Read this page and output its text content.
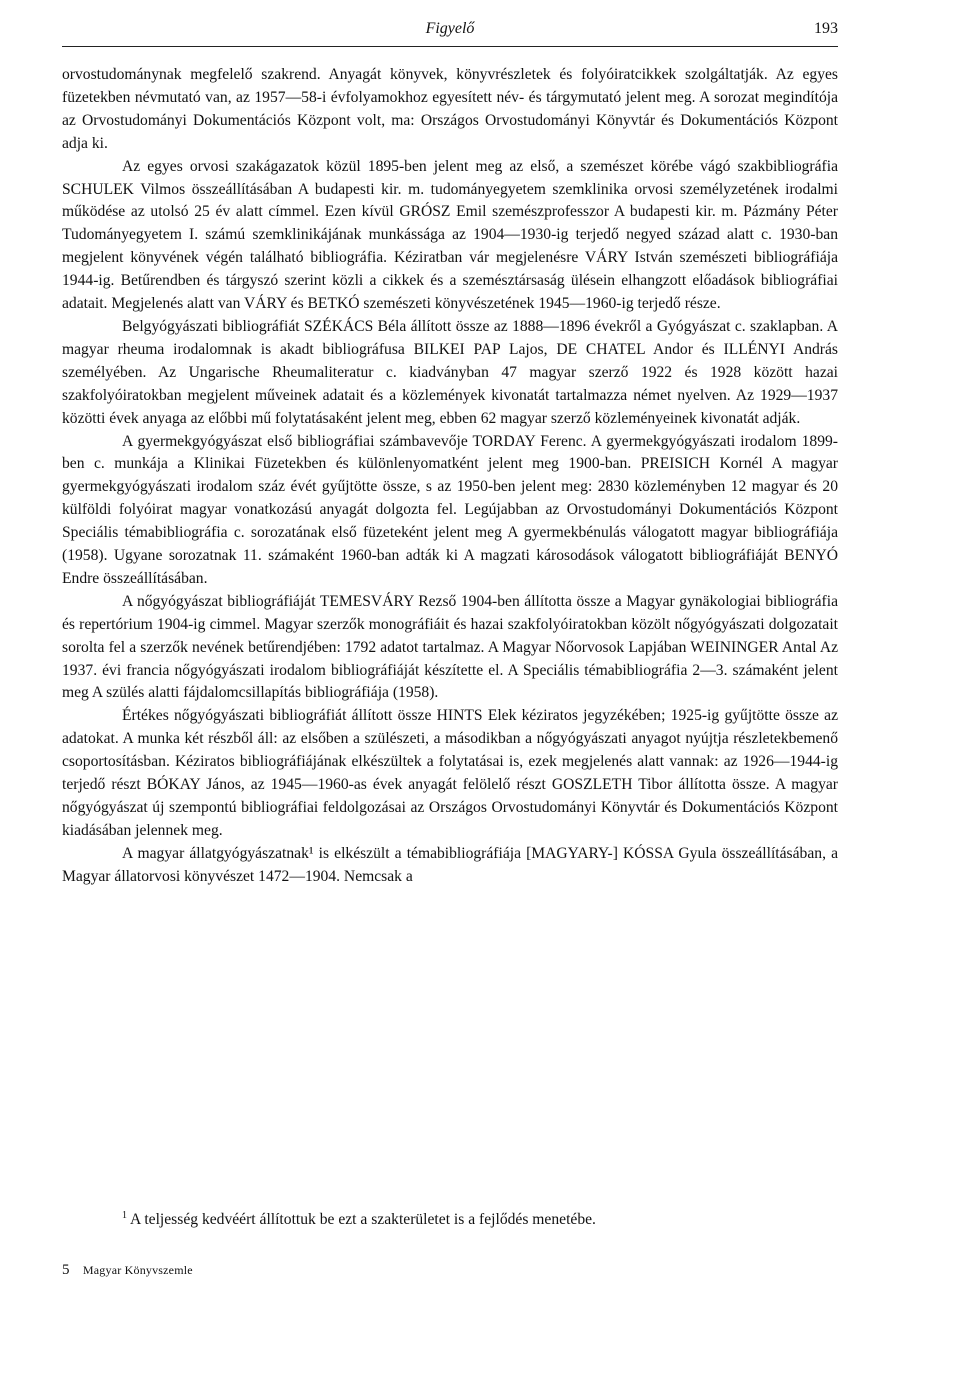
Figyelő	193

orvostudománynak megfelelő szakrend. Anyagát könyvek, könyvrészletek és folyóiratcikkek szolgáltatják. Az egyes füzetekben névmutató van, az 1957—58-i évfolyamokhoz egyesített név- és tárgymutató jelent meg. A sorozat megindítója az Orvostudományi Dokumentációs Központ volt, ma: Országos Orvostudományi Könyvtár és Dokumentációs Központ adja ki.

Az egyes orvosi szakágazatok közül 1895-ben jelent meg az első, a szemészet körébe vágó szakbibliográfia SCHULEK Vilmos összeállításában A budapesti kir. m. tudományegyetem szemklinika orvosi személyzetének irodalmi működése az utolsó 25 év alatt címmel. Ezen kívül GRÓSZ Emil szemészprofesszor A budapesti kir. m. Pázmány Péter Tudományegyetem I. számú szemklinikájának munkássága az 1904—1930-ig terjedő negyed század alatt c. 1930-ban megjelent könyvének végén található bibliográfia. Kéziratban vár megjelenésre VÁRY István szemészeti bibliográfiája 1944-ig. Betűrendben és tárgyszó szerint közli a cikkek és a szemésztársaság ülésein elhangzott előadások bibliográfiai adatait. Megjelenés alatt van VÁRY és BETKÓ szemészeti könyvészetének 1945—1960-ig terjedő része.

Belgyógyászati bibliográfiát SZÉKÁCS Béla állított össze az 1888—1896 évekről a Gyógyászat c. szaklapban. A magyar rheuma irodalomnak is akadt bibliográfusa BILKEI PAP Lajos, DE CHATEL Andor és ILLÉNYI András személyében. Az Ungarische Rheumaliteratur c. kiadványban 47 magyar szerző 1922 és 1928 között hazai szakfolyóiratokban megjelent műveinek adatait és a közlemények kivonatát tartalmazza német nyelven. Az 1929—1937 közötti évek anyaga az előbbi mű folytatásaként jelent meg, ebben 62 magyar szerző közleményeinek kivonatát adják.

A gyermekgyógyászat első bibliográfiai számbavevője TORDAY Ferenc. A gyermekgyógyászati irodalom 1899-ben c. munkája a Klinikai Füzetekben és különlenyomatként jelent meg 1900-ban. PREISICH Kornél A magyar gyermekgyógyászati irodalom száz évét gyűjtötte össze, s az 1950-ben jelent meg: 2830 közleményben 12 magyar és 20 külföldi folyóirat magyar vonatkozású anyagát dolgozta fel. Legújabban az Orvostudományi Dokumentációs Központ Speciális témabibliográfia c. sorozatának első füzeteként jelent meg A gyermekbénulás válogatott magyar bibliográfiája (1958). Ugyane sorozatnak 11. számaként 1960-ban adták ki A magzati károsodások válogatott bibliográfiáját BENYÓ Endre összeállításában.

A nőgyógyászat bibliográfiáját TEMESVÁRY Rezső 1904-ben állította össze a Magyar gynäkologiai bibliográfia és repertórium 1904-ig cimmel. Magyar szerzők monográfiáit és hazai szakfolyóiratokban közölt nőgyógyászati dolgozatait sorolta fel a szerzők nevének betűrendjében: 1792 adatot tartalmaz. A Magyar Nőorvosok Lapjában WEININGER Antal Az 1937. évi francia nőgyógyászati irodalom bibliográfiáját készítette el. A Speciális témabibliográfia 2—3. számaként jelent meg A szülés alatti fájdalomcsillapítás bibliográfiája (1958).

Értékes nőgyógyászati bibliográfiát állított össze HINTS Elek kéziratos jegyzékében; 1925-ig gyűjtötte össze az adatokat. A munka két részből áll: az elsőben a szülészeti, a másodikban a nőgyógyászati anyagot nyújtja részletekbemenő csoportosításban. Kéziratos bibliográfiájának elkészültek a folytatásai is, ezek megjelenés alatt vannak: az 1926—1944-ig terjedő részt BÓKAY János, az 1945—1960-as évek anyagát felölelő részt GOSZLETH Tibor állította össze. A magyar nőgyógyászat új szempontú bibliográfiai feldolgozásai az Országos Orvostudományi Könyvtár és Dokumentációs Központ kiadásában jelennek meg.

A magyar állatgyógyászatnak¹ is elkészült a témabibliográfiája [MAGYARY-] KÓSSA Gyula összeállításában, a Magyar állatorvosi könyvészet 1472—1904. Nemcsak a

$^1$ A teljesség kedvéért állítottuk be ezt a szakterületet is a fejlődés menetébe.
5 Magyar Könyvszemle
